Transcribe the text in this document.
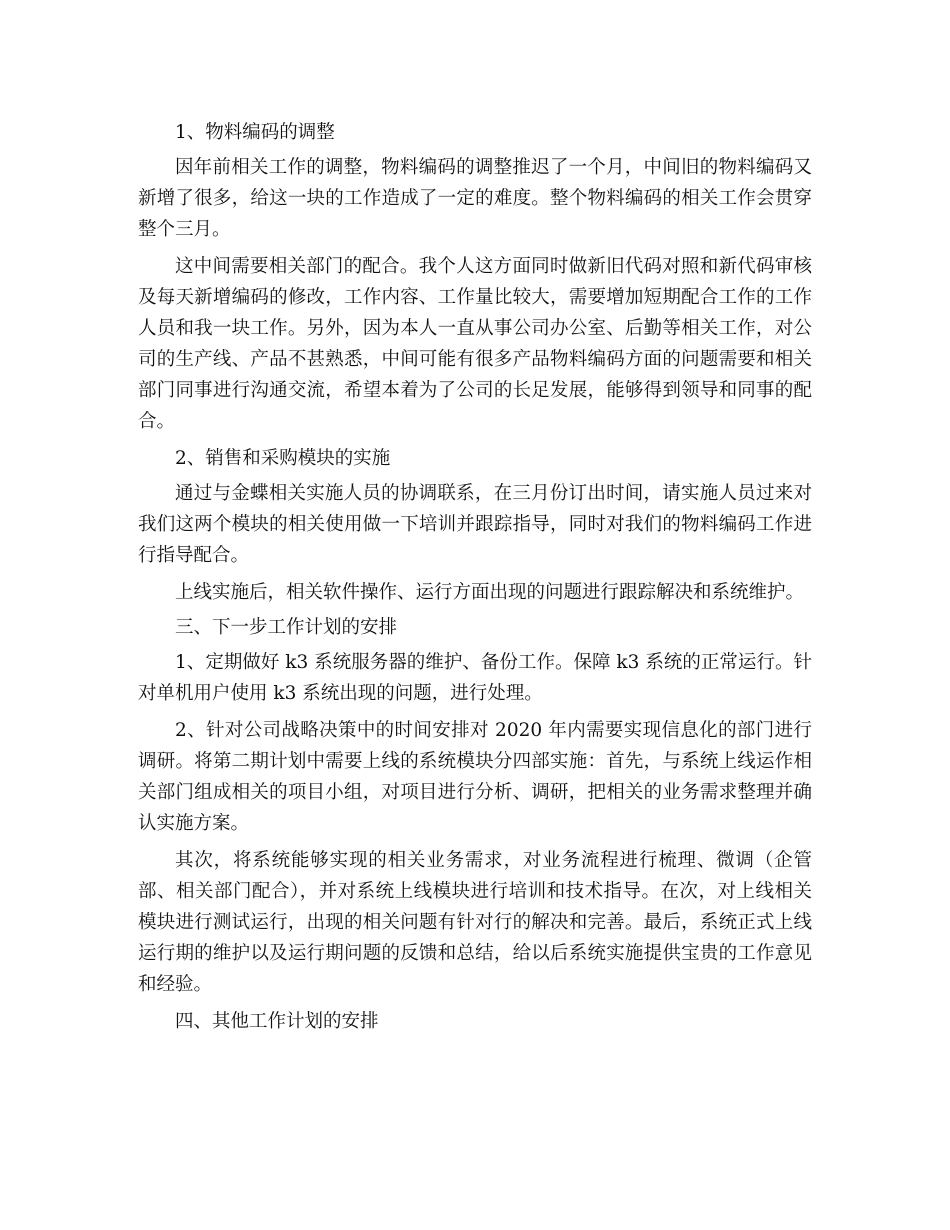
1、物料编码的调整

因年前相关工作的调整，物料编码的调整推迟了一个月，中间旧的物料编码又新增了很多，给这一块的工作造成了一定的难度。整个物料编码的相关工作会贯穿整个三月。

这中间需要相关部门的配合。我个人这方面同时做新旧代码对照和新代码审核及每天新增编码的修改，工作内容、工作量比较大，需要增加短期配合工作的工作人员和我一块工作。另外，因为本人一直从事公司办公室、后勤等相关工作，对公司的生产线、产品不甚熟悉，中间可能有很多产品物料编码方面的问题需要和相关部门同事进行沟通交流，希望本着为了公司的长足发展，能够得到领导和同事的配合。

2、销售和采购模块的实施

通过与金蝶相关实施人员的协调联系，在三月份订出时间，请实施人员过来对我们这两个模块的相关使用做一下培训并跟踪指导，同时对我们的物料编码工作进行指导配合。

上线实施后，相关软件操作、运行方面出现的问题进行跟踪解决和系统维护。

三、下一步工作计划的安排

1、定期做好 k3 系统服务器的维护、备份工作。保障 k3 系统的正常运行。针对单机用户使用 k3 系统出现的问题，进行处理。

2、针对公司战略决策中的时间安排对 2020 年内需要实现信息化的部门进行调研。将第二期计划中需要上线的系统模块分四部实施：首先，与系统上线运作相关部门组成相关的项目小组，对项目进行分析、调研，把相关的业务需求整理并确认实施方案。

其次，将系统能够实现的相关业务需求，对业务流程进行梳理、微调（企管部、相关部门配合），并对系统上线模块进行培训和技术指导。在次，对上线相关模块进行测试运行，出现的相关问题有针对行的解决和完善。最后，系统正式上线运行期的维护以及运行期问题的反馈和总结，给以后系统实施提供宝贵的工作意见和经验。

四、其他工作计划的安排
